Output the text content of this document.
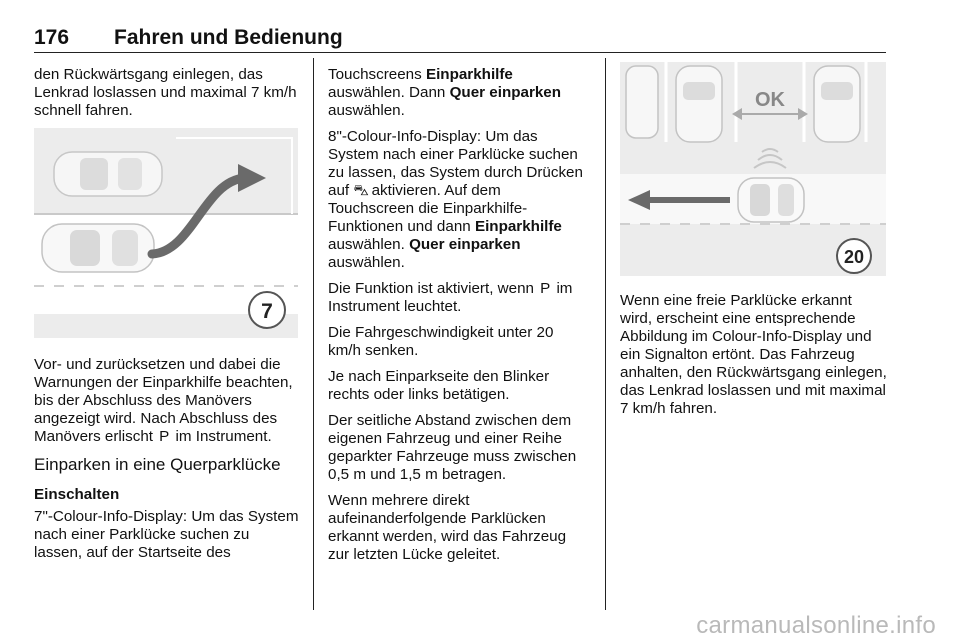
176 Fahren und Bedienung

den Rückwärtsgang einlegen, das Lenkrad loslassen und maximal 7 km/h schnell fahren.

7

Vor- und zurücksetzen und dabei die Warnungen der Einparkhilfe beachten, bis der Abschluss des Manövers angezeigt wird. Nach Abschluss des Manövers erlischt P im Instrument.

Einparken in eine Querparklücke

Einschalten

7"-Colour-Info-Display: Um das System nach einer Parklücke suchen zu lassen, auf der Startseite des

Touchscreens Einparkhilfe auswählen. Dann Quer einparken auswählen.

8"-Colour-Info-Display: Um das System nach einer Parklücke suchen zu lassen, das System durch Drücken auf ⛍ aktivieren. Auf dem Touchscreen die Einparkhilfe-Funktionen und dann Einparkhilfe auswählen. Quer einparken auswählen.

Die Funktion ist aktiviert, wenn P im Instrument leuchtet.

Die Fahrgeschwindigkeit unter 20 km/h senken.

Je nach Einparkseite den Blinker rechts oder links betätigen.

Der seitliche Abstand zwischen dem eigenen Fahrzeug und einer Reihe geparkter Fahrzeuge muss zwischen 0,5 m und 1,5 m betragen.

Wenn mehrere direkt aufeinanderfolgende Parklücken erkannt werden, wird das Fahrzeug zur letzten Lücke geleitet.

OK
20

Wenn eine freie Parklücke erkannt wird, erscheint eine entsprechende Abbildung im Colour-Info-Display und ein Signalton ertönt. Das Fahrzeug anhalten, den Rückwärtsgang einlegen, das Lenkrad loslassen und mit maximal 7 km/h fahren.

carmanualsonline.info
